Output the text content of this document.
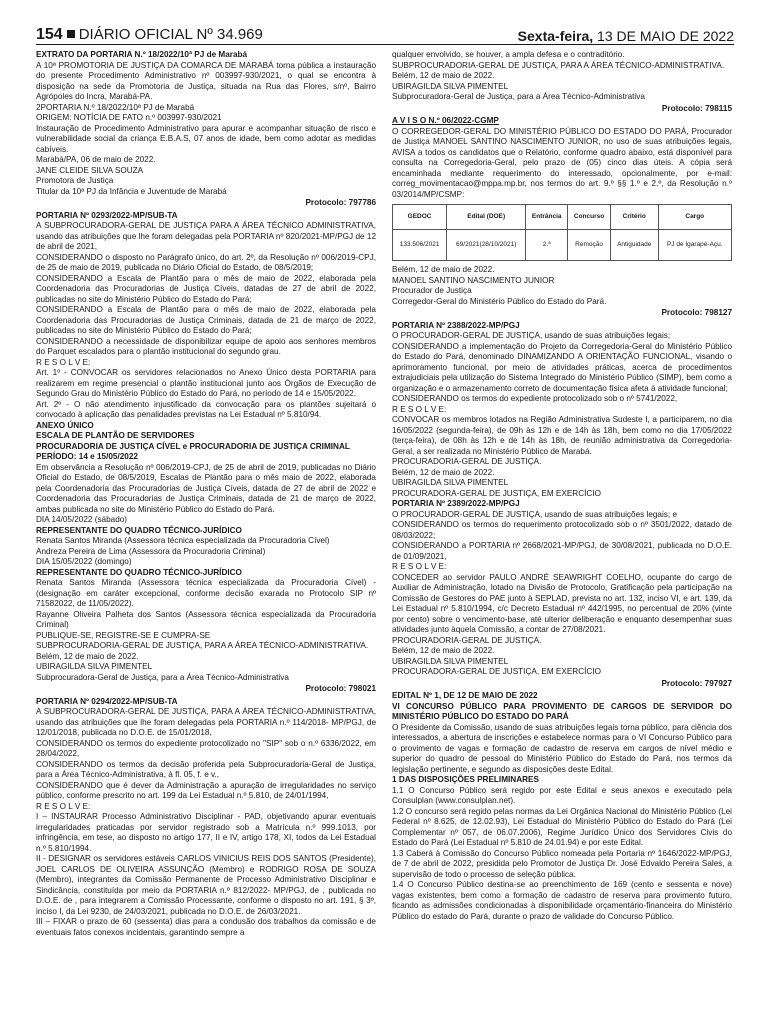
154 DIÁRIO OFICIAL Nº 34.969	Sexta-feira, 13 DE MAIO DE 2022

EXTRATO DA PORTARIA N.º 18/2022/10ª PJ de Marabá

A 10ª PROMOTORIA DE JUSTIÇA DA COMARCA DE MARABÁ torna pública a instauração do presente Procedimento Administrativo nº 003997-930/2021, o qual se encontra à disposição na sede da Promotoria de Justiça, situada na Rua das Flores, s/nº, Bairro Agrópoles do Incra, Marabá-PA.

2PORTARIA N.º 18/2022/10ª PJ de Marabá

ORIGEM: NOTÍCIA DE FATO n.º 003997-930/2021

Instauração de Procedimento Administrativo para apurar e acompanhar situação de risco e vulnerabilidade social da criança E.B.A.S, 07 anos de idade, bem como adotar as medidas cabíveis.

Marabá/PA, 06 de maio de 2022.

JANE CLEIDE SILVA SOUZA

Promotora de Justiça

Titular da 10ª PJ da Infância e Juventude de Marabá

Protocolo: 797786

PORTARIA Nº 0293/2022-MP/SUB-TA

A SUBPROCURADORA-GERAL DE JUSTIÇA PARA A ÁREA TÉCNICO ADMINISTRATIVA, usando das atribuições que lhe foram delegadas pela PORTARIA nº 820/2021-MP/PGJ de 12 de abril de 2021,

CONSIDERANDO o disposto no Parágrafo único, do art. 2º, da Resolução nº 006/2019-CPJ, de 25 de maio de 2019, publicada no Diário Oficial do Estado, de 08/5/2019;

CONSIDERANDO a Escala de Plantão para o mês de maio de 2022, elaborada pela Coordenadoria das Procuradorias de Justiça Cíveis, datadas de 27 de abril de 2022, publicadas no site do Ministério Público do Estado do Pará;

CONSIDERANDO a Escala de Plantão para o mês de maio de 2022, elaborada pela Coordenadoria das Procuradorias de Justiça Criminais, datada de 21 de março de 2022, publicadas no site do Ministério Público do Estado do Pará;

CONSIDERANDO a necessidade de disponibilizar equipe de apoio aos senhores membros do Parquet escalados para o plantão institucional do segundo grau.

R E S O L V E:

Art. 1º - CONVOCAR os servidores relacionados no Anexo Único desta PORTARIA para realizarem em regime presencial o plantão institucional junto aos Órgãos de Execução de Segundo Grau do Ministério Público do Estado do Pará, no período de 14 e 15/05/2022.

Art. 2º - O não atendimento injustificado da convocação para os plantões sujeitará o convocado à aplicação das penalidades previstas na Lei Estadual nº 5.810/94.

ANEXO ÚNICO

ESCALA DE PLANTÃO DE SERVIDORES

PROCURADORIA DE JUSTIÇA CÍVEL e PROCURADORIA DE JUSTIÇA CRIMINAL

PERÍODO: 14 e 15/05/2022

Em observância a Resolução nº 006/2019-CPJ, de 25 de abril de 2019, publicadas no Diário Oficial do Estado, de 08/5/2019, Escalas de Plantão para o mês maio de 2022, elaborada pela Coordenadoria das Procuradorias de Justiça Cíveis, datada de 27 de abril de 2022 e Coordenadoria das Procuradorias de Justiça Criminais, datada de 21 de março de 2022, ambas publicada no site do Ministério Público do Estado do Pará.

DIA 14/05/2022 (sábado)

REPRESENTANTE DO QUADRO TÉCNICO-JURÍDICO

Renata Santos Miranda (Assessora técnica especializada da Procuradoria Cível)

Andreza Pereira de Lima (Assessora da Procuradoria Criminal)

DIA 15/05/2022 (domingo)

REPRESENTANTE DO QUADRO TÉCNICO-JURÍDICO

Renata Santos Miranda (Assessora técnica especializada da Procuradoria Cível) - (designação em caráter excepcional, conforme decisão exarada no Protocolo SIP nº 71582022, de 11/05/2022).

Rayanne Oliveira Palheta dos Santos (Assessora técnica especializada da Procuradoria Criminal)

PUBLIQUE-SE, REGISTRE-SE E CUMPRA-SE

SUBPROCURADORIA-GERAL DE JUSTIÇA, PARA A ÁREA TÉCNICO-ADMINISTRATIVA.

Belém, 12 de maio de 2022.

UBIRAGILDA SILVA PIMENTEL

Subprocuradora-Geral de Justiça, para a Área Técnico-Administrativa

Protocolo: 798021

PORTARIA Nº 0294/2022-MP/SUB-TA

A SUBPROCURADORA-GERAL DE JUSTIÇA, PARA A ÁREA TÉCNICO-ADMINISTRATIVA, usando das atribuições que lhe foram delegadas pela PORTARIA n.º 114/2018- MP/PGJ, de 12/01/2018, publicada no D.O.E. de 15/01/2018,

CONSIDERANDO os termos do expediente protocolizado no "SIP" sob o n.º 6336/2022, em 28/04/2022,

CONSIDERANDO os termos da decisão proferida pela Subprocuradoria-Geral de Justiça, para a Área Técnico-Administrativa, à fl. 05, f. e v.,

CONSIDERANDO que é dever da Administração a apuração de irregularidades no serviço público, conforme prescrito no art. 199 da Lei Estadual n.º 5.810, de 24/01/1994,

R E S O L V E:

I – INSTAURAR Processo Administrativo Disciplinar - PAD, objetivando apurar eventuais irregularidades praticadas por servidor registrado sob a Matrícula n.º 999.1013, por infringência, em tese, ao disposto no artigo 177, II e IV, artigo 178, XI, todos da Lei Estadual n.º 5.810/1994.

II - DESIGNAR os servidores estáveis CARLOS VINICIUS REIS DOS SANTOS (Presidente), JOEL CARLOS DE OLIVEIRA ASSUNÇÃO (Membro) e RODRIGO ROSA DE SOUZA (Membro), integrantes da Comissão Permanente de Processo Administrativo Disciplinar e Sindicância, constituída por meio da PORTARIA n.º 812/2022- MP/PGJ, de , publicada no D.O.E. de , para integrarem a Comissão Processante, conforme o disposto no art. 191, § 3º, inciso I, da Lei 9230, de 24/03/2021, publicada no D.O.E. de 26/03/2021.

III – FIXAR o prazo de 60 (sessenta) dias para a condusão dos trabalhos da comissão e de eventuais fatos conexos incidentais, garantindo sempre a

qualquer envolvido, se houver, a ampla defesa e o contraditório.

SUBPROCURADORIA-GERAL DE JUSTIÇA, PARA A ÁREA TÉCNICO-ADMINISTRATIVA.

Belém, 12 de maio de 2022.

UBIRAGILDA SILVA PIMENTEL

Subprocuradora-Geral de Justiça, para a Área Técnico-Administrativa

Protocolo: 798115

A V I S O N.º 06/2022-CGMP

O CORREGEDOR-GERAL DO MINISTÉRIO PÚBLICO DO ESTADO DO PARÁ, Procurador de Justiça MANOEL SANTINO NASCIMENTO JUNIOR, no uso de suas atribuições legais, AVISA a todos os candidatos que o Relatório, conforme quadro abaixo, está disponível para consulta na Corregedoria-Geral, pelo prazo de (05) cinco dias úteis. A cópia será encaminhada mediante requerimento do interessado, opcionalmente, por e-mail: correg_movimentacao@mppa.mp.br, nos termos do art. 9.º §§ 1.º e 2.º, da Resolução n.º 03/2014/MP/CSMP:

GEDOC	Edital (DOE)	Entrância	Concurso	Critério	Cargo
133.506/2021	69/2021(28/10/2021)	2.ª	Remoção	Antiguidade	PJ de Igarapé-Açu.

Belém, 12 de maio de 2022.

MANOEL SANTINO NASCIMENTO JUNIOR

Procurador de Justiça

Corregedor-Geral do Ministério Público do Estado do Pará.

Protocolo: 798127

PORTARIA Nº 2388/2022-MP/PGJ

O PROCURADOR-GERAL DE JUSTIÇA, usando de suas atribuições legais;

CONSIDERANDO a implementação do Projeto da Corregedoria-Geral do Ministério Público do Estado do Pará, denominado DINAMIZANDO A ORIENTAÇÃO FUNCIONAL, visando o aprimoramento funcional, por meio de atividades práticas, acerca de procedimentos extrajudiciais pela utilização do Sistema Integrado do Ministério Público (SIMP), bem como a organização e o armazenamento correto de documentação física afeta à atividade funcional;

CONSIDERANDO os termos do expediente protocolizado sob o nº 5741/2022,

R E S O L V E:

CONVOCAR os membros lotados na Região Administrativa Sudeste I, a participarem, no dia 16/05/2022 (segunda-feira), de 09h às 12h e de 14h às 18h, bem como no dia 17/05/2022 (terça-feira), de 08h às 12h e de 14h às 18h, de reunião administrativa da Corregedoria-Geral, a ser realizada no Ministério Público de Marabá.

PROCURADORIA-GERAL DE JUSTIÇA.

Belém, 12 de maio de 2022.

UBIRAGILDA SILVA PIMENTEL

PROCURADORA-GERAL DE JUSTIÇA, EM EXERCÍCIO

PORTARIA Nº 2389/2022-MP/PGJ

O PROCURADOR-GERAL DE JUSTIÇA, usando de suas atribuições legais; e

CONSIDERANDO os termos do requerimento protocolizado sob o nº 3501/2022, datado de 08/03/2022;

CONSIDERANDO a PORTARIA nº 2668/2021-MP/PGJ, de 30/08/2021, publicada no D.O.E. de 01/09/2021,

R E S O L V E:

CONCEDER ao servidor PAULO ANDRÉ SEAWRIGHT COELHO, ocupante do cargo de Auxiliar de Administração, lotado na Divisão de Protocolo, Gratificação pela participação na Comissão de Gestores do PAE junto à SEPLAD, prevista no art. 132, inciso VI, e art. 139, da Lei Estadual nº 5.810/1994, c/c Decreto Estadual nº 442/1995, no percentual de 20% (vinte por cento) sobre o vencimento-base, até ulterior deliberação e enquanto desempenhar suas atividades junto àquela Comissão, a contar de 27/08/2021.

PROCURADORIA-GERAL DE JUSTIÇA.

Belém, 12 de maio de 2022.

UBIRAGILDA SILVA PIMENTEL

PROCURADORA-GERAL DE JUSTIÇA, EM EXERCÍCIO

Protocolo: 797927

EDITAL Nº 1, DE 12 DE MAIO DE 2022

VI CONCURSO PÚBLICO PARA PROVIMENTO DE CARGOS DE SERVIDOR DO MINISTÉRIO PÚBLICO DO ESTADO DO PARÁ

O Presidente da Comissão, usando de suas atribuições legais torna público, para ciência dos interessados, a abertura de inscrições e estabelece normas para o VI Concurso Público para o provimento de vagas e formação de cadastro de reserva em cargos de nível médio e superior do quadro de pessoal do Ministério Público do Estado do Pará, nos termos da legislação pertinente, e segundo as disposições deste Edital.

1 DAS DISPOSIÇÕES PRELIMINARES

1.1 O Concurso Público será regido por este Edital e seus anexos e executado pela Consulplan (www.consulplan.net).

1.2 O concurso será regido pelas normas da Lei Orgânica Nacional do Ministério Público (Lei Federal nº 8.625, de 12.02.93), Lei Estadual do Ministério Público do Estado do Pará (Lei Complementar nº 057, de 06.07.2006), Regime Jurídico Único dos Servidores Civis do Estado do Pará (Lei Estadual nº 5.810 de 24.01.94) e por este Edital.

1.3 Caberá à Comissão do Concurso Público nomeada pela Portaria nº 1646/2022-MP/PGJ, de 7 de abril de 2022, presidida pelo Promotor de Justiça Dr. José Edvaldo Pereira Sales, a supervisão de todo o processo de seleção pública.

1.4 O Concurso Público destina-se ao preenchimento de 169 (cento e sessenta e nove) vagas existentes, bem como a formação de cadastro de reserva para provimento futuro, ficando as admissões condicionadas à disponibilidade orçamentário-financeira do Ministério Público do estado do Pará, durante o prazo de validade do Concurso Público.
